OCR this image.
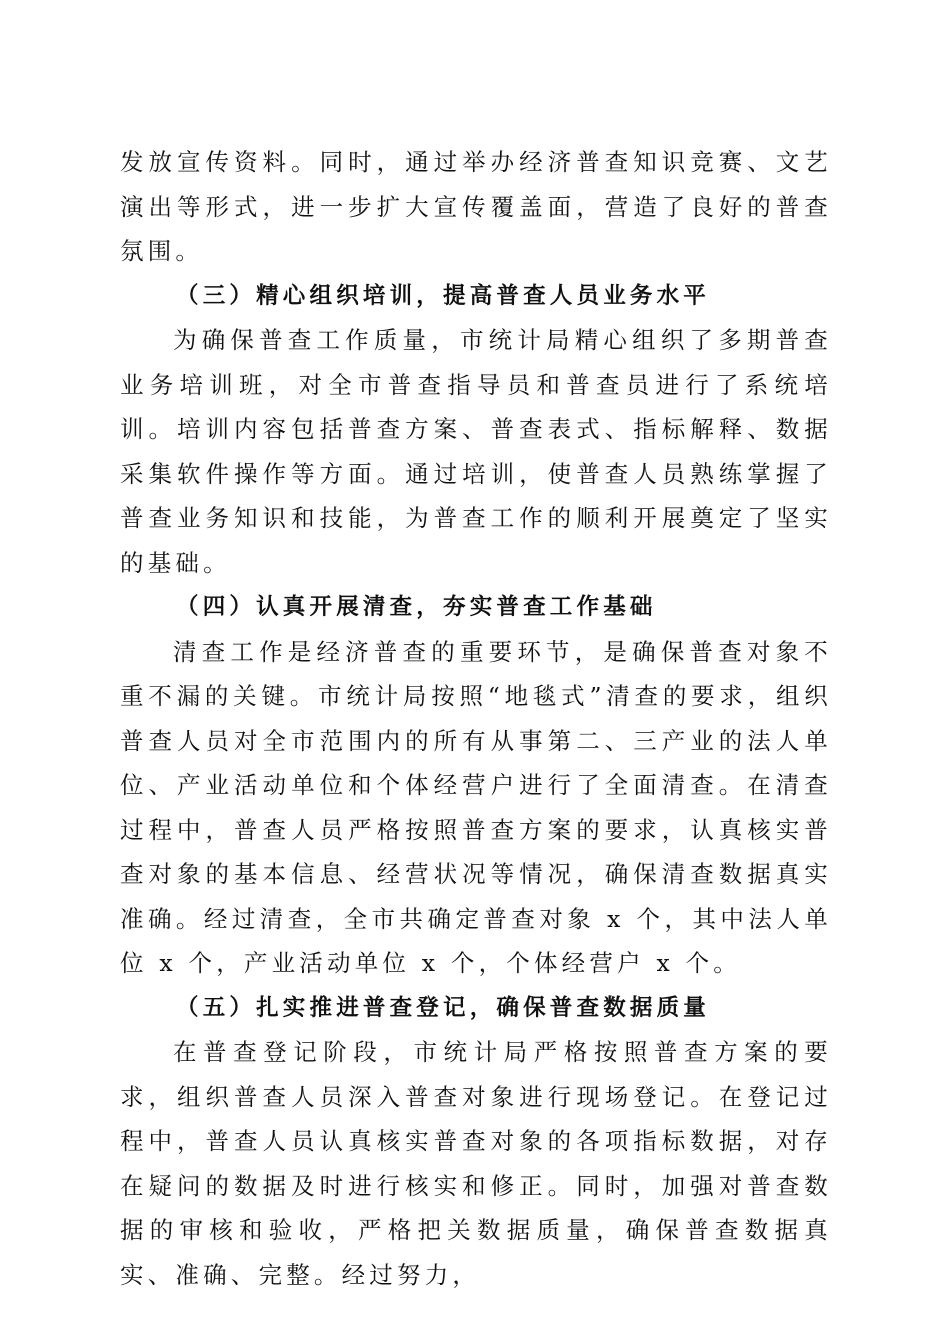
发放宣传资料。同时，通过举办经济普查知识竞赛、文艺演出等形式，进一步扩大宣传覆盖面，营造了良好的普查氛围。

（三）精心组织培训，提高普查人员业务水平

为确保普查工作质量，市统计局精心组织了多期普查业务培训班，对全市普查指导员和普查员进行了系统培训。培训内容包括普查方案、普查表式、指标解释、数据采集软件操作等方面。通过培训，使普查人员熟练掌握了普查业务知识和技能，为普查工作的顺利开展奠定了坚实的基础。

（四）认真开展清查，夯实普查工作基础

清查工作是经济普查的重要环节，是确保普查对象不重不漏的关键。市统计局按照“地毯式”清查的要求，组织普查人员对全市范围内的所有从事第二、三产业的法人单位、产业活动单位和个体经营户进行了全面清查。在清查过程中，普查人员严格按照普查方案的要求，认真核实普查对象的基本信息、经营状况等情况，确保清查数据真实准确。经过清查，全市共确定普查对象 x 个，其中法人单位 x 个，产业活动单位 x 个，个体经营户 x 个。

（五）扎实推进普查登记，确保普查数据质量

在普查登记阶段，市统计局严格按照普查方案的要求，组织普查人员深入普查对象进行现场登记。在登记过程中，普查人员认真核实普查对象的各项指标数据，对存在疑问的数据及时进行核实和修正。同时，加强对普查数据的审核和验收，严格把关数据质量，确保普查数据真实、准确、完整。经过努力，
